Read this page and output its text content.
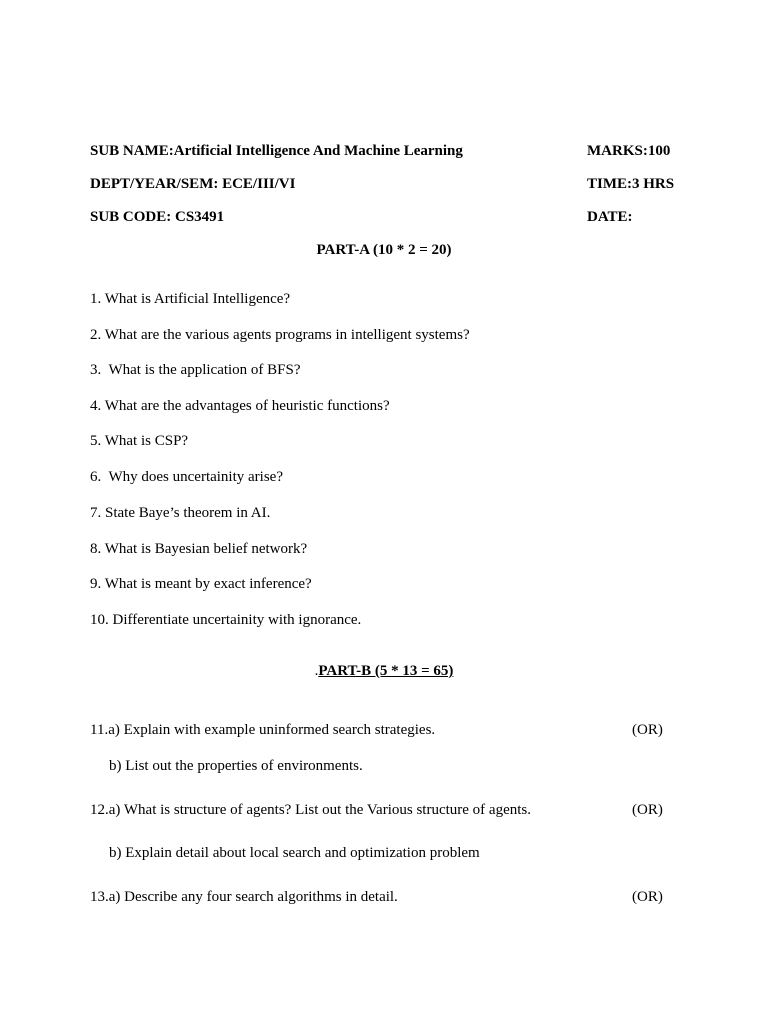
SUB NAME:Artificial Intelligence And Machine Learning	MARKS:100
DEPT/YEAR/SEM: ECE/III/VI	TIME:3 HRS
SUB CODE: CS3491	DATE:
PART-A (10 * 2 = 20)
1. What is Artificial Intelligence?
2. What are the various agents programs in intelligent systems?
3.  What is the application of BFS?
4. What are the advantages of heuristic functions?
5. What is CSP?
6.  Why does uncertainity arise?
7. State Baye’s theorem in AI.
8. What is Bayesian belief network?
9. What is meant by exact inference?
10. Differentiate uncertainity with ignorance.
.PART-B (5 * 13 = 65)
11.a) Explain with example uninformed search strategies.	(OR)
b) List out the properties of environments.
12.a) What is structure of agents? List out the Various structure of agents.	(OR)
b) Explain detail about local search and optimization problem
13.a) Describe any four search algorithms in detail.	(OR)
